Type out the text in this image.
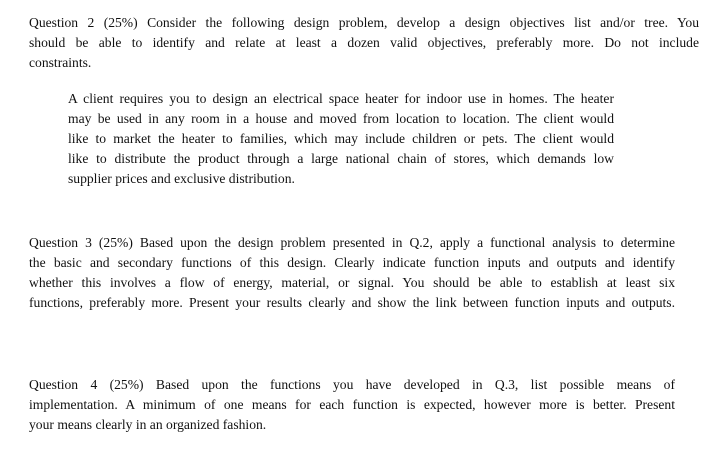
Question 2 (25%) Consider the following design problem, develop a design objectives list and/or tree. You
should be able to identify and relate at least a dozen valid objectives, preferably more. Do not include
constraints.

A client requires you to design an electrical space heater for indoor use in homes. The heater
may be used in any room in a house and moved from location to location. The client would
like to market the heater to families, which may include children or pets. The client would
like to distribute the product through a large national chain of stores, which demands low
supplier prices and exclusive distribution.

Question 3 (25%) Based upon the design problem presented in Q.2, apply a functional analysis to determine
the basic and secondary functions of this design. Clearly indicate function inputs and outputs and identify
whether this involves a flow of energy, material, or signal. You should be able to establish at least six
functions, preferably more. Present your results clearly and show the link between function inputs and outputs.

Question 4 (25%) Based upon the functions you have developed in Q.3, list possible means of
implementation. A minimum of one means for each function is expected, however more is better. Present
your means clearly in an organized fashion.
